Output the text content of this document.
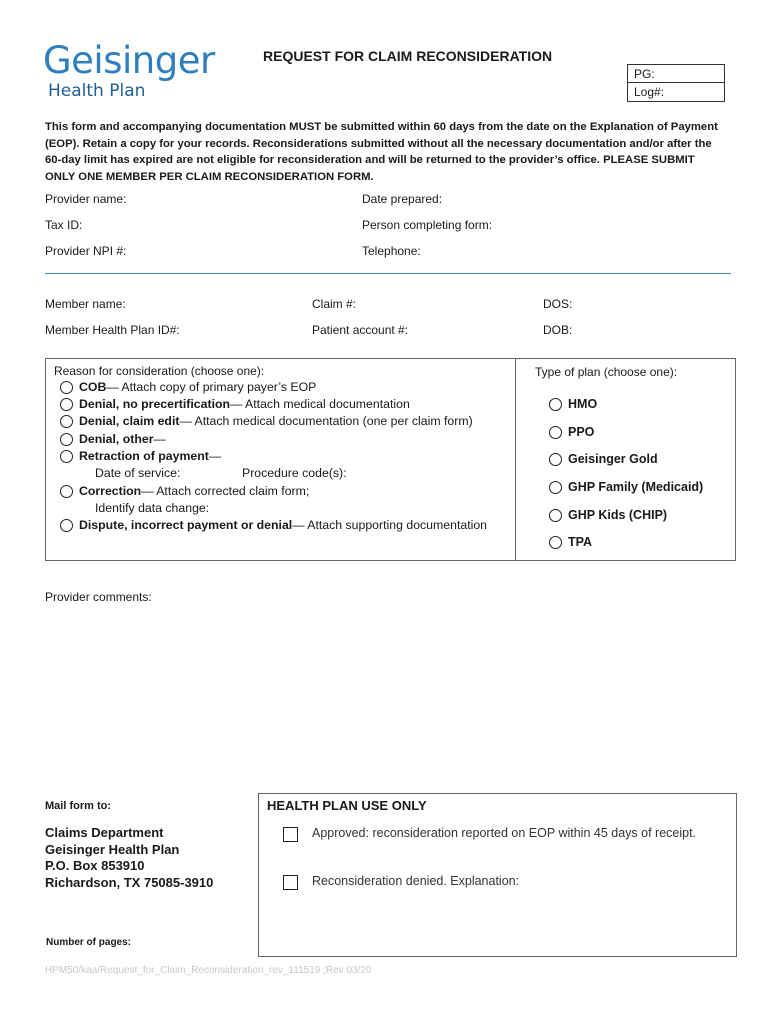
Geisinger
Health Plan
REQUEST FOR CLAIM RECONSIDERATION
PG:
Log#:
This form and accompanying documentation MUST be submitted within 60 days from the date on the Explanation of Payment (EOP). Retain a copy for your records. Reconsiderations submitted without all the necessary documentation and/or after the 60-day limit has expired are not eligible for reconsideration and will be returned to the provider’s office. PLEASE SUBMIT ONLY ONE MEMBER PER CLAIM RECONSIDERATION FORM.
Provider name:
Tax ID:
Provider NPI #:
Date prepared:
Person completing form:
Telephone:
Member name:
Member Health Plan ID#:
Claim #:
Patient account #:
DOS:
DOB:
Reason for consideration (choose one):
COB — Attach copy of primary payer’s EOP
Denial, no precertification — Attach medical documentation
Denial, claim edit — Attach medical documentation (one per claim form)
Denial, other —
Retraction of payment —
Date of service:	Procedure code(s):
Correction — Attach corrected claim form;
Identify data change:
Dispute, incorrect payment or denial — Attach supporting documentation
Type of plan (choose one):
HMO
PPO
Geisinger Gold
GHP Family (Medicaid)
GHP Kids (CHIP)
TPA
Provider comments:
Mail form to:
Claims Department
Geisinger Health Plan
P.O. Box 853910
Richardson, TX 75085-3910
Number of pages:
HEALTH PLAN USE ONLY
Approved: reconsideration reported on EOP within 45 days of receipt.
Reconsideration denied. Explanation:
HPM50/kaa/Request_for_Claim_Reconsideration_rev_111519 ;Rev 03/20
